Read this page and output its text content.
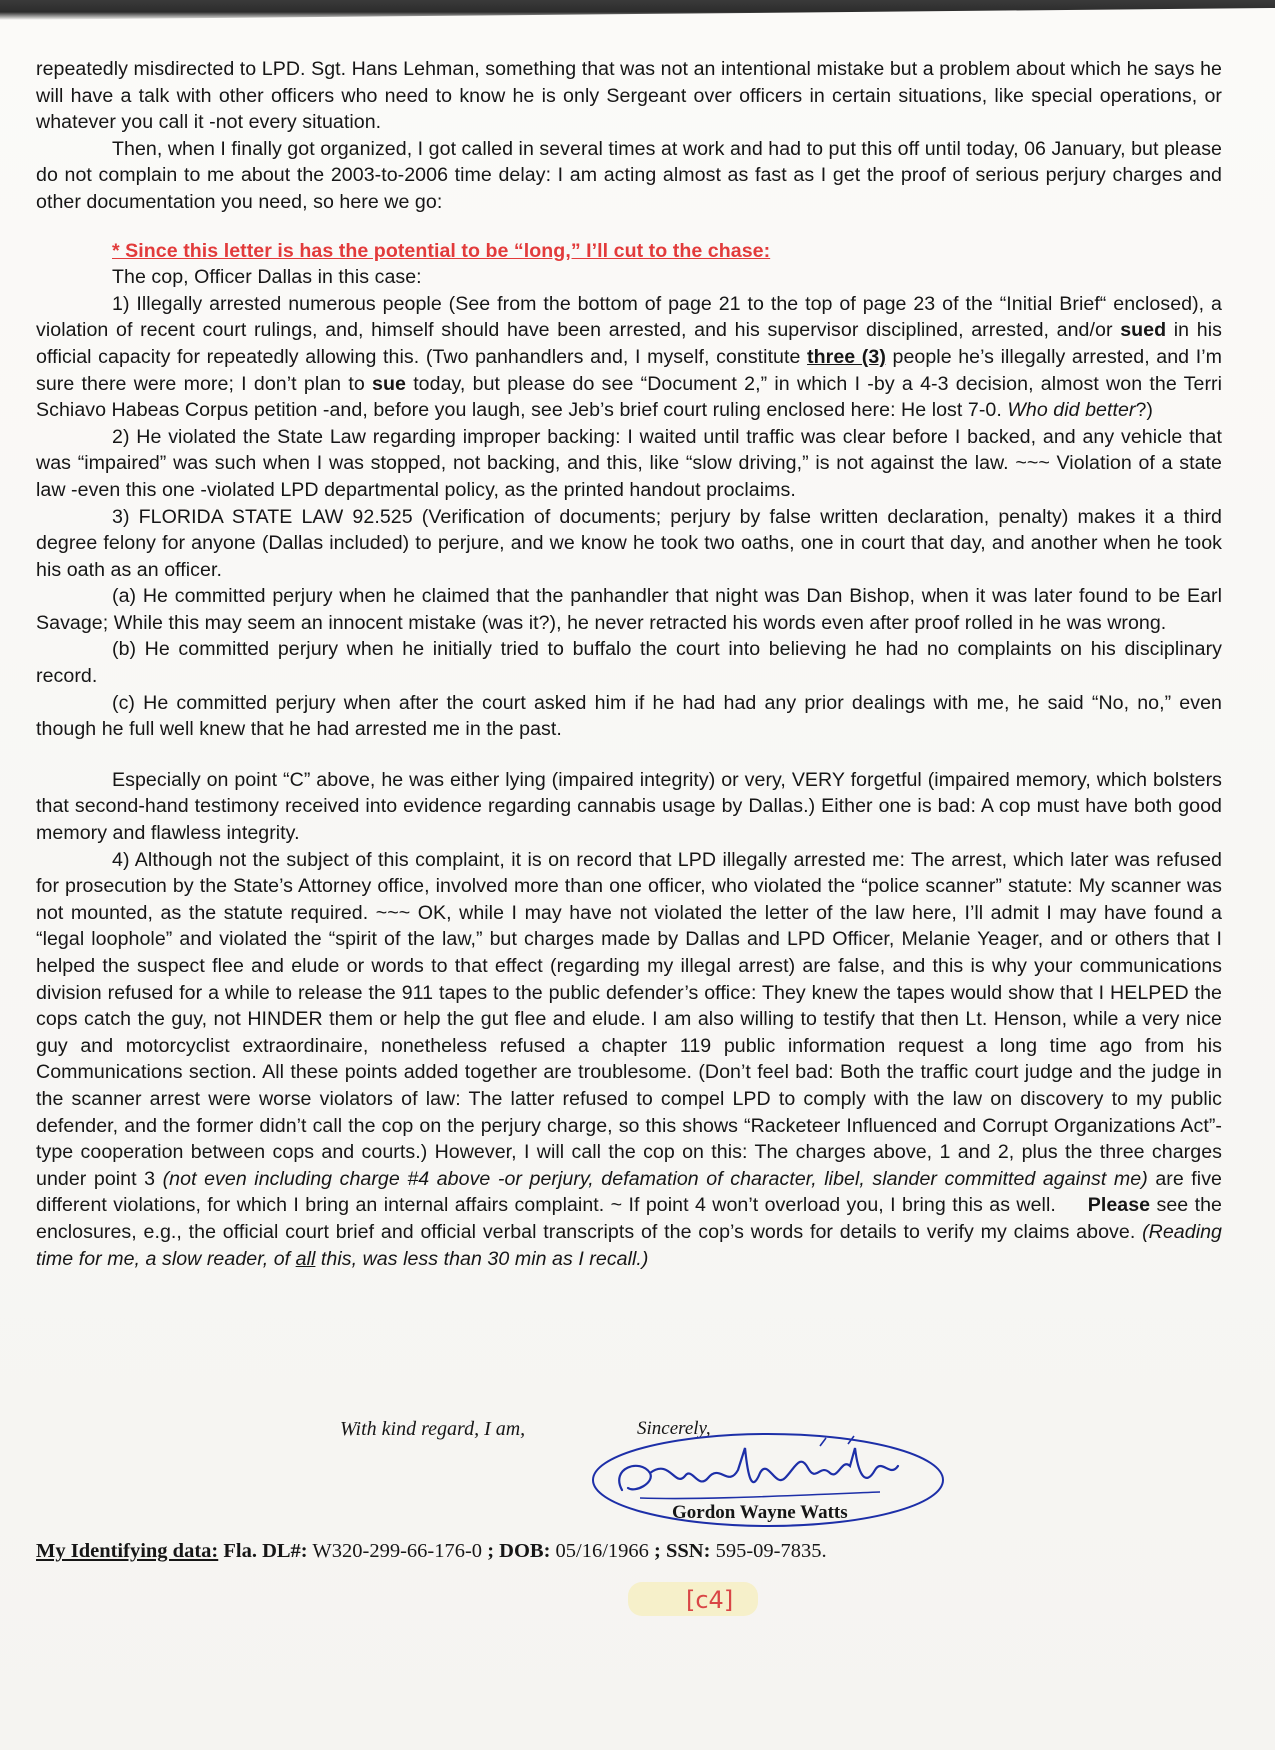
repeatedly misdirected to LPD. Sgt. Hans Lehman, something that was not an intentional mistake but a problem about which he says he will have a talk with other officers who need to know he is only Sergeant over officers in certain situations, like special operations, or whatever you call it -not every situation.

Then, when I finally got organized, I got called in several times at work and had to put this off until today, 06 January, but please do not complain to me about the 2003-to-2006 time delay: I am acting almost as fast as I get the proof of serious perjury charges and other documentation you need, so here we go:

* Since this letter is has the potential to be “long,” I’ll cut to the chase:

The cop, Officer Dallas in this case:

1) Illegally arrested numerous people (See from the bottom of page 21 to the top of page 23 of the “Initial Brief“ enclosed), a violation of recent court rulings, and, himself should have been arrested, and his supervisor disciplined, arrested, and/or sued in his official capacity for repeatedly allowing this. (Two panhandlers and, I myself, constitute three (3) people he’s illegally arrested, and I’m sure there were more; I don’t plan to sue today, but please do see “Document 2,” in which I -by a 4-3 decision, almost won the Terri Schiavo Habeas Corpus petition -and, before you laugh, see Jeb’s brief court ruling enclosed here: He lost 7-0. Who did better?)

2) He violated the State Law regarding improper backing: I waited until traffic was clear before I backed, and any vehicle that was “impaired” was such when I was stopped, not backing, and this, like “slow driving,” is not against the law. ~~~ Violation of a state law -even this one -violated LPD departmental policy, as the printed handout proclaims.

3) FLORIDA STATE LAW 92.525 (Verification of documents; perjury by false written declaration, penalty) makes it a third degree felony for anyone (Dallas included) to perjure, and we know he took two oaths, one in court that day, and another when he took his oath as an officer.

(a) He committed perjury when he claimed that the panhandler that night was Dan Bishop, when it was later found to be Earl Savage; While this may seem an innocent mistake (was it?), he never retracted his words even after proof rolled in he was wrong.

(b) He committed perjury when he initially tried to buffalo the court into believing he had no complaints on his disciplinary record.

(c) He committed perjury when after the court asked him if he had had any prior dealings with me, he said “No, no,” even though he full well knew that he had arrested me in the past.

Especially on point “C” above, he was either lying (impaired integrity) or very, VERY forgetful (impaired memory, which bolsters that second-hand testimony received into evidence regarding cannabis usage by Dallas.) Either one is bad: A cop must have both good memory and flawless integrity.

4) Although not the subject of this complaint, it is on record that LPD illegally arrested me: The arrest, which later was refused for prosecution by the State’s Attorney office, involved more than one officer, who violated the “police scanner” statute: My scanner was not mounted, as the statute required. ~~~ OK, while I may have not violated the letter of the law here, I’ll admit I may have found a “legal loophole” and violated the “spirit of the law,” but charges made by Dallas and LPD Officer, Melanie Yeager, and or others that I helped the suspect flee and elude or words to that effect (regarding my illegal arrest) are false, and this is why your communications division refused for a while to release the 911 tapes to the public defender’s office: They knew the tapes would show that I HELPED the cops catch the guy, not HINDER them or help the gut flee and elude. I am also willing to testify that then Lt. Henson, while a very nice guy and motorcyclist extraordinaire, nonetheless refused a chapter 119 public information request a long time ago from his Communications section. All these points added together are troublesome. (Don’t feel bad: Both the traffic court judge and the judge in the scanner arrest were worse violators of law: The latter refused to compel LPD to comply with the law on discovery to my public defender, and the former didn’t call the cop on the perjury charge, so this shows “Racketeer Influenced and Corrupt Organizations Act”-type cooperation between cops and courts.) However, I will call the cop on this: The charges above, 1 and 2, plus the three charges under point 3 (not even including charge #4 above -or perjury, defamation of character, libel, slander committed against me) are five different violations, for which I bring an internal affairs complaint. ~ If point 4 won’t overload you, I bring this as well. Please see the enclosures, e.g., the official court brief and official verbal transcripts of the cop’s words for details to verify my claims above. (Reading time for me, a slow reader, of all this, was less than 30 min as I recall.)

With kind regard, I am,	Sincerely,
Gordon Wayne Watts
My Identifying data: Fla. DL#: W320-299-66-176-0 ; DOB: 05/16/1966 ; SSN: 595-09-7835.
[c4]
